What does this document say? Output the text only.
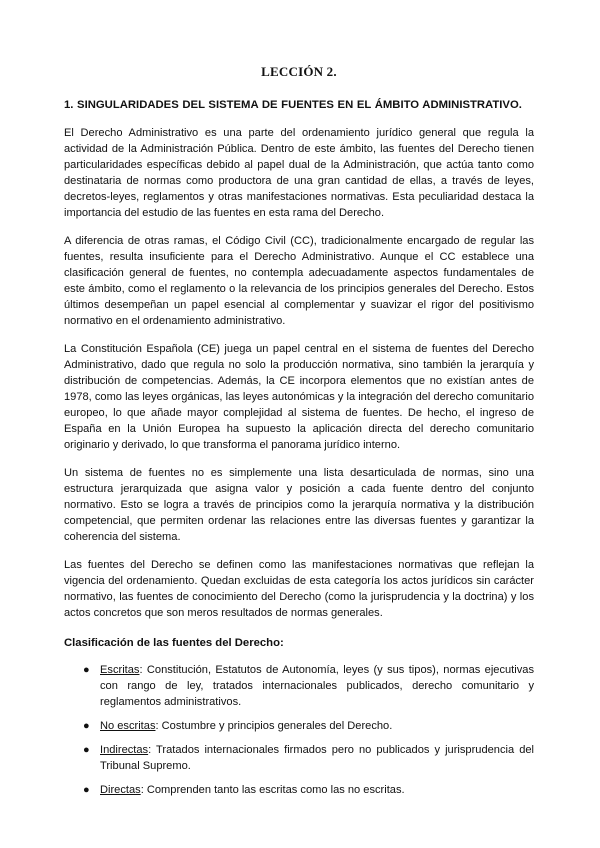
LECCIÓN 2.
1. SINGULARIDADES DEL SISTEMA DE FUENTES EN EL ÁMBITO ADMINISTRATIVO.

El Derecho Administrativo es una parte del ordenamiento jurídico general que regula la actividad de la Administración Pública. Dentro de este ámbito, las fuentes del Derecho tienen particularidades específicas debido al papel dual de la Administración, que actúa tanto como destinataria de normas como productora de una gran cantidad de ellas, a través de leyes, decretos-leyes, reglamentos y otras manifestaciones normativas. Esta peculiaridad destaca la importancia del estudio de las fuentes en esta rama del Derecho.

A diferencia de otras ramas, el Código Civil (CC), tradicionalmente encargado de regular las fuentes, resulta insuficiente para el Derecho Administrativo. Aunque el CC establece una clasificación general de fuentes, no contempla adecuadamente aspectos fundamentales de este ámbito, como el reglamento o la relevancia de los principios generales del Derecho. Estos últimos desempeñan un papel esencial al complementar y suavizar el rigor del positivismo normativo en el ordenamiento administrativo.

La Constitución Española (CE) juega un papel central en el sistema de fuentes del Derecho Administrativo, dado que regula no solo la producción normativa, sino también la jerarquía y distribución de competencias. Además, la CE incorpora elementos que no existían antes de 1978, como las leyes orgánicas, las leyes autonómicas y la integración del derecho comunitario europeo, lo que añade mayor complejidad al sistema de fuentes. De hecho, el ingreso de España en la Unión Europea ha supuesto la aplicación directa del derecho comunitario originario y derivado, lo que transforma el panorama jurídico interno.

Un sistema de fuentes no es simplemente una lista desarticulada de normas, sino una estructura jerarquizada que asigna valor y posición a cada fuente dentro del conjunto normativo. Esto se logra a través de principios como la jerarquía normativa y la distribución competencial, que permiten ordenar las relaciones entre las diversas fuentes y garantizar la coherencia del sistema.

Las fuentes del Derecho se definen como las manifestaciones normativas que reflejan la vigencia del ordenamiento. Quedan excluidas de esta categoría los actos jurídicos sin carácter normativo, las fuentes de conocimiento del Derecho (como la jurisprudencia y la doctrina) y los actos concretos que son meros resultados de normas generales.

Clasificación de las fuentes del Derecho:
● Escritas: Constitución, Estatutos de Autonomía, leyes (y sus tipos), normas ejecutivas con rango de ley, tratados internacionales publicados, derecho comunitario y reglamentos administrativos.
● No escritas: Costumbre y principios generales del Derecho.
● Indirectas: Tratados internacionales firmados pero no publicados y jurisprudencia del Tribunal Supremo.
● Directas: Comprenden tanto las escritas como las no escritas.
